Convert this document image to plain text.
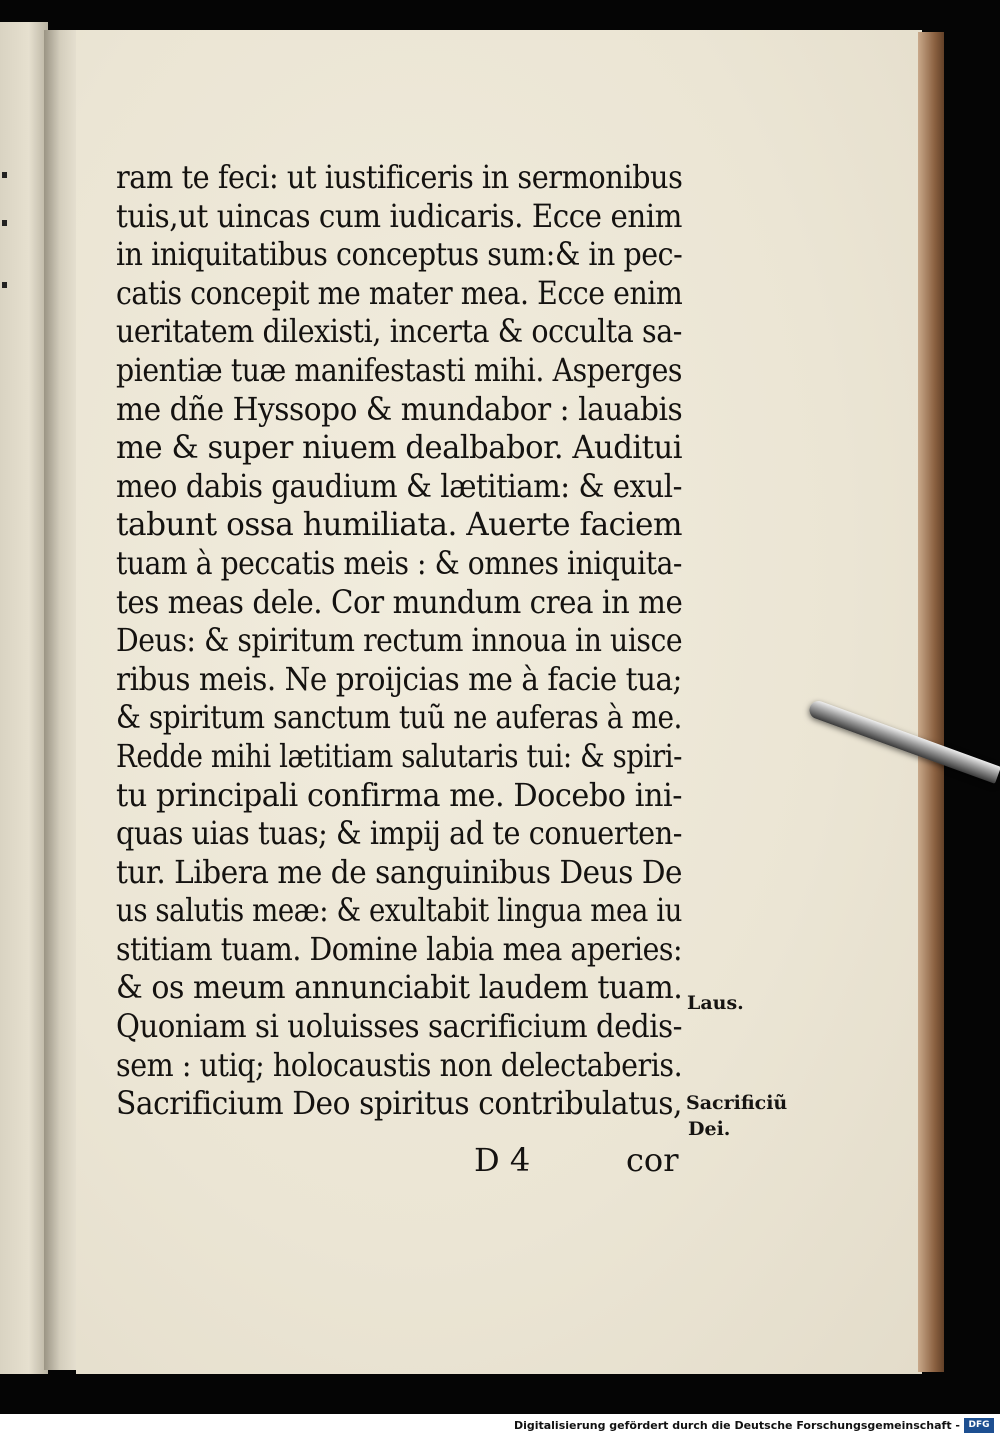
ram te feci: ut iustificeris in sermonibus
tuis,ut uincas cum iudicaris. Ecce enim
in iniquitatibus conceptus sum:& in pec-
catis concepit me mater mea. Ecce enim
ueritatem dilexisti, incerta & occulta sa-
pientiæ tuæ manifestasti mihi. Asperges
me dñe Hyssopo & mundabor : lauabis
me & super niuem dealbabor. Auditui
meo dabis gaudium & lætitiam: & exul-
tabunt ossa humiliata. Auerte faciem
tuam à peccatis meis : & omnes iniquita-
tes meas dele. Cor mundum crea in me
Deus: & spiritum rectum innoua in uisce
ribus meis. Ne proijcias me à facie tua;
& spiritum sanctum tuũ ne auferas à me.
Redde mihi lætitiam salutaris tui: & spiri-
tu principali confirma me. Docebo ini-
quas uias tuas; & impij ad te conuerten-
tur. Libera me de sanguinibus Deus De
us salutis meæ: & exultabit lingua mea iu
stitiam tuam. Domine labia mea aperies:
& os meum annunciabit laudem tuam.
Quoniam si uoluisses sacrificium dedis-
sem : utiq; holocaustis non delectaberis.
Sacrificium Deo spiritus contribulatus,
D 4	cor
Laus.
Sacrificiũ
Dei.
Digitalisierung gefördert durch die Deutsche Forschungsgemeinschaft - DFG
